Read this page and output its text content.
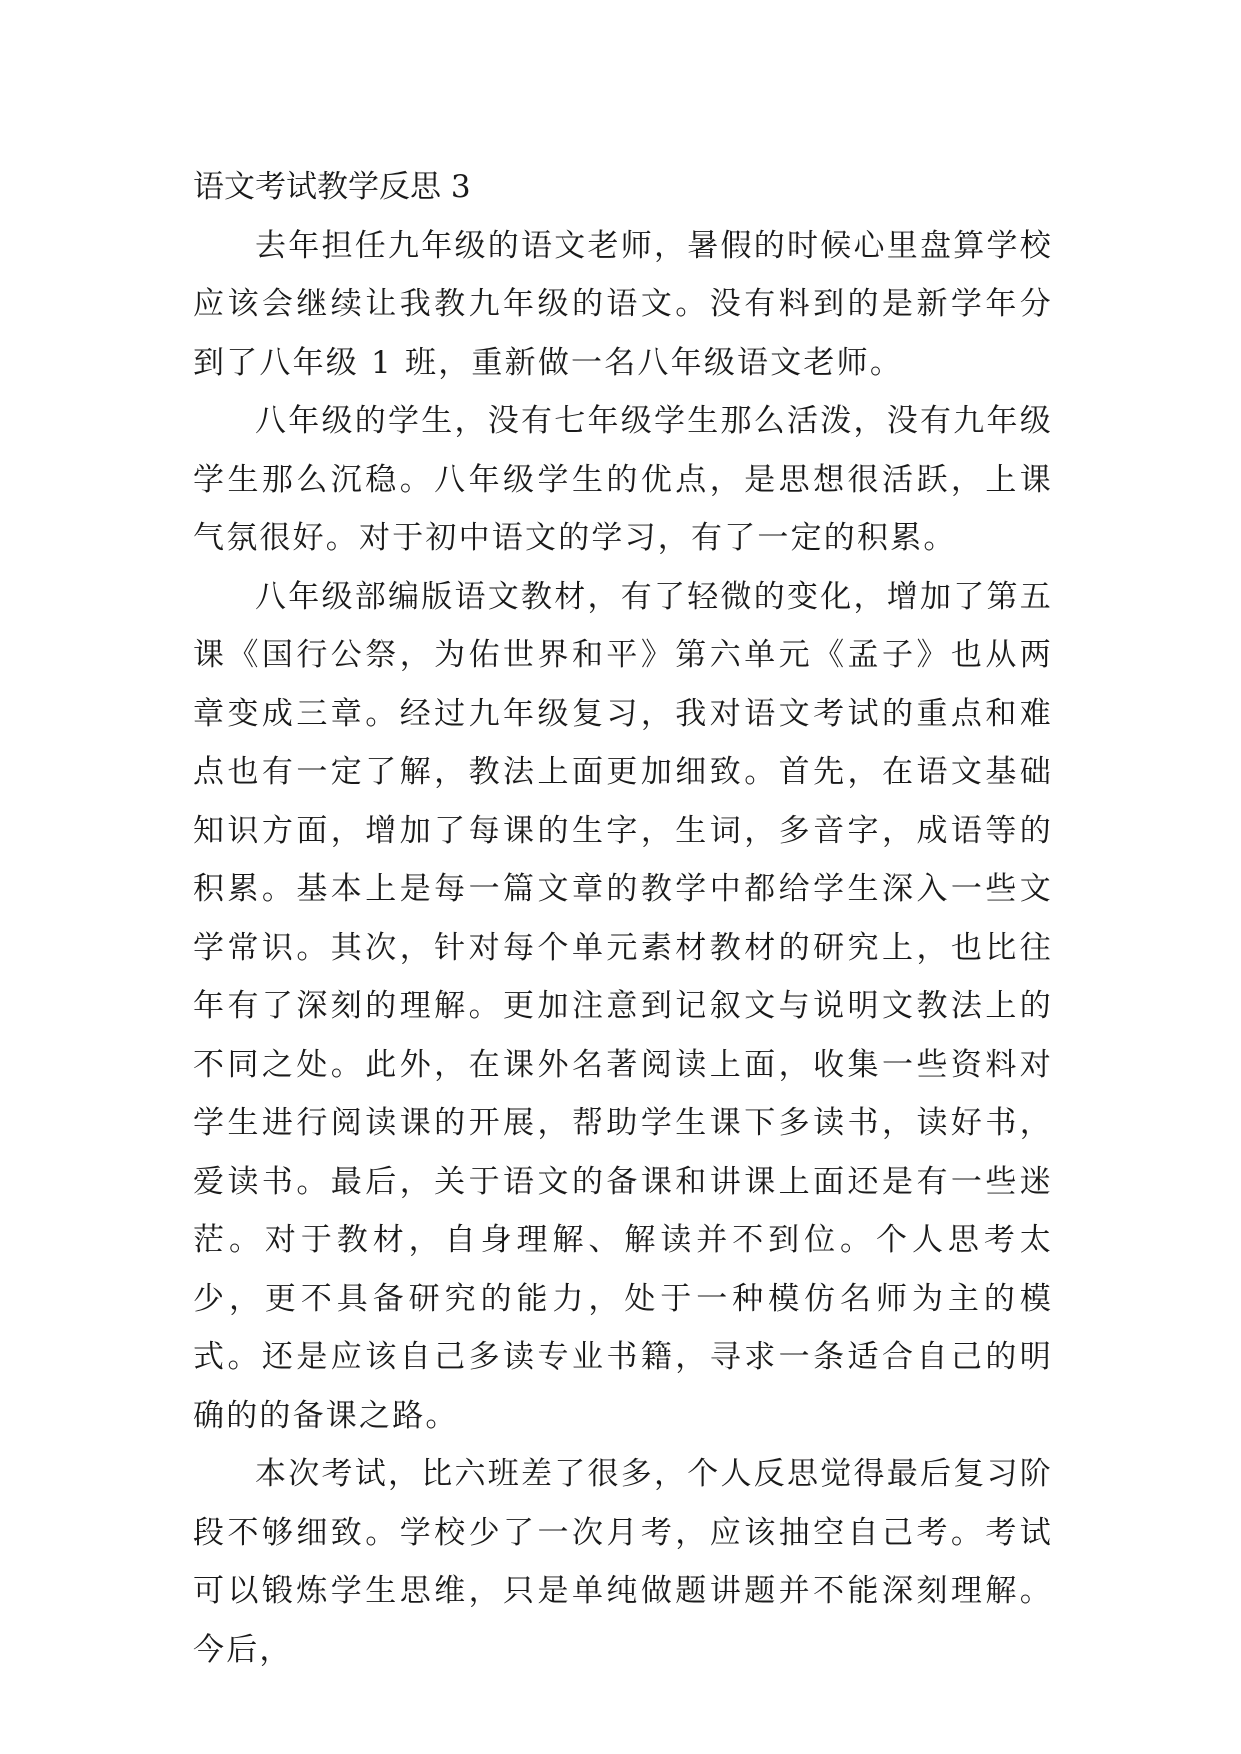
语文考试教学反思 3

去年担任九年级的语文老师，暑假的时候心里盘算学校应该会继续让我教九年级的语文。没有料到的是新学年分到了八年级 1 班，重新做一名八年级语文老师。

八年级的学生，没有七年级学生那么活泼，没有九年级学生那么沉稳。八年级学生的优点，是思想很活跃，上课气氛很好。对于初中语文的学习，有了一定的积累。

八年级部编版语文教材，有了轻微的变化，增加了第五课《国行公祭，为佑世界和平》第六单元《孟子》也从两章变成三章。经过九年级复习，我对语文考试的重点和难点也有一定了解，教法上面更加细致。首先，在语文基础知识方面，增加了每课的生字，生词，多音字，成语等的积累。基本上是每一篇文章的教学中都给学生深入一些文学常识。其次，针对每个单元素材教材的研究上，也比往年有了深刻的理解。更加注意到记叙文与说明文教法上的不同之处。此外，在课外名著阅读上面，收集一些资料对学生进行阅读课的开展，帮助学生课下多读书，读好书，爱读书。最后，关于语文的备课和讲课上面还是有一些迷茫。对于教材，自身理解、解读并不到位。个人思考太少，更不具备研究的能力，处于一种模仿名师为主的模式。还是应该自己多读专业书籍，寻求一条适合自己的明确的的备课之路。

本次考试，比六班差了很多，个人反思觉得最后复习阶段不够细致。学校少了一次月考，应该抽空自己考。考试可以锻炼学生思维，只是单纯做题讲题并不能深刻理解。今后，
